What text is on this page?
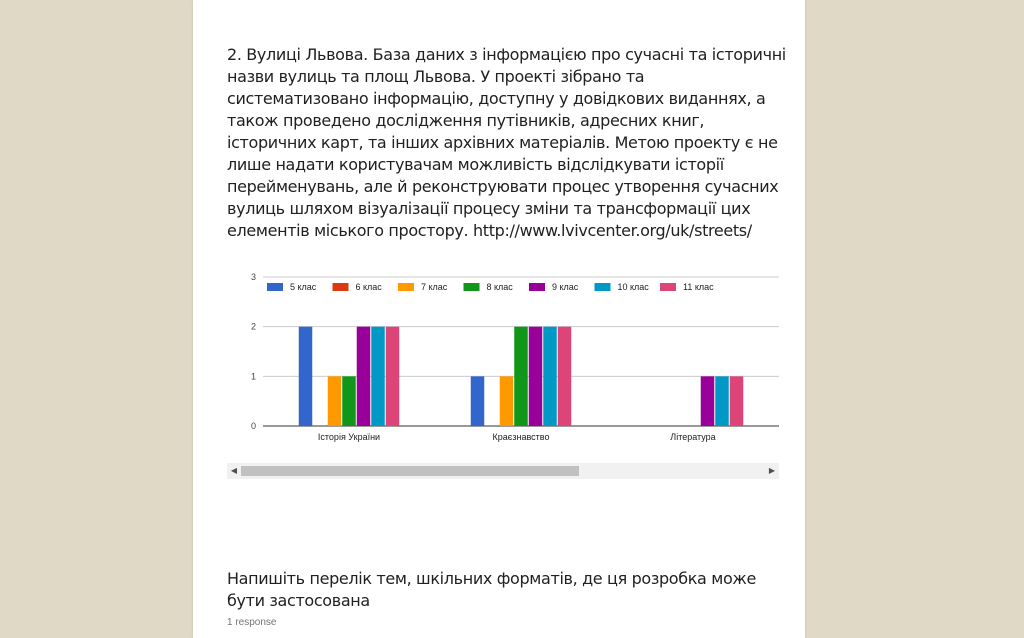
2. Вулиці Львова. База даних з інформацією про сучасні та історичні назви вулиць та площ Львова. У проекті зібрано та систематизовано інформацію, доступну у довідкових виданнях, а також проведено дослідження путівників, адресних книг, історичних карт, та інших архівних матеріалів. Метою проекту є не лише надати користувачам можливість відслідкувати історії перейменувань, але й реконструювати процес утворення сучасних вулиць шляхом візуалізації процесу зміни та трансформації цих елементів міського простору. http://www.lvivcenter.org/uk/streets/
0
1
2
3
Історія України	Краєзнавство	Література
5 клас	6 клас	7 клас	8 клас	9 клас	10 клас	11 клас
◀	▶
Напишіть перелік тем, шкільних форматів, де ця розробка може бути застосована
1 response
